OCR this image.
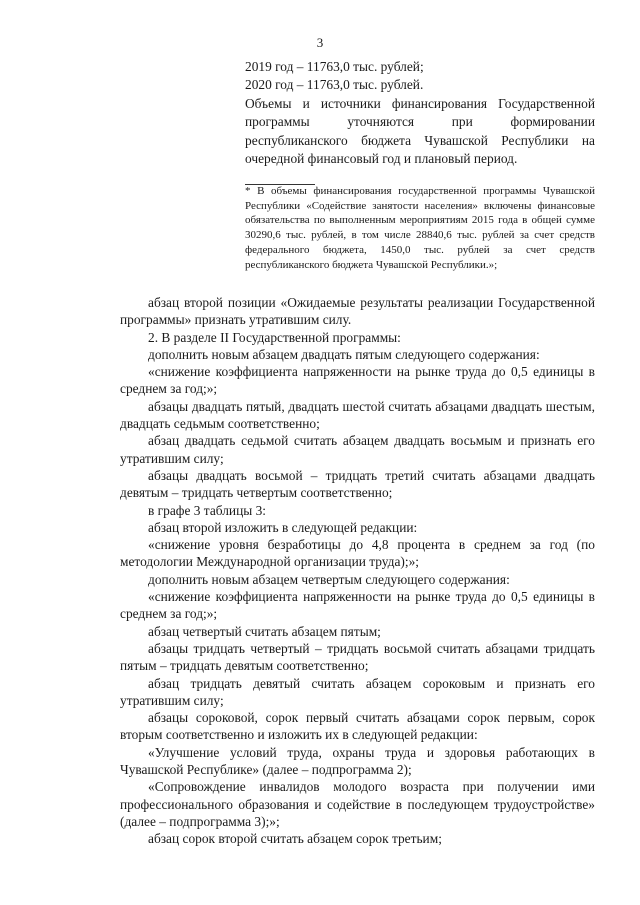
3

2019 год – 11763,0 тыс. рублей;

2020 год – 11763,0 тыс. рублей.

Объемы и источники финансирования Государственной программы уточняются при формировании республиканского бюджета Чувашской Республики на очередной финансовый год и плановый период.

* В объемы финансирования государственной программы Чувашской Республики «Содействие занятости населения» включены финансовые обязательства по выполненным мероприятиям 2015 года в общей сумме 30290,6 тыс. рублей, в том числе 28840,6 тыс. рублей за счет средств федерального бюджета, 1450,0 тыс. рублей за счет средств республиканского бюджета Чувашской Республики.»;

абзац второй позиции «Ожидаемые результаты реализации Государственной программы» признать утратившим силу.

2. В разделе II Государственной программы:

дополнить новым абзацем двадцать пятым следующего содержания:

«снижение коэффициента напряженности на рынке труда до 0,5 единицы в среднем за год;»;

абзацы двадцать пятый, двадцать шестой считать абзацами двадцать шестым, двадцать седьмым соответственно;

абзац двадцать седьмой считать абзацем двадцать восьмым и признать его утратившим силу;

абзацы двадцать восьмой – тридцать третий считать абзацами двадцать девятым – тридцать четвертым соответственно;

в графе 3 таблицы 3:

абзац второй изложить в следующей редакции:

«снижение уровня безработицы до 4,8 процента в среднем за год (по методологии Международной организации труда);»;

дополнить новым абзацем четвертым следующего содержания:

«снижение коэффициента напряженности на рынке труда до 0,5 единицы в среднем за год;»;

абзац четвертый считать абзацем пятым;

абзацы тридцать четвертый – тридцать восьмой считать абзацами тридцать пятым – тридцать девятым соответственно;

абзац тридцать девятый считать абзацем сороковым и признать его утратившим силу;

абзацы сороковой, сорок первый считать абзацами сорок первым, сорок вторым соответственно и изложить их в следующей редакции:

«Улучшение условий труда, охраны труда и здоровья работающих в Чувашской Республике» (далее – подпрограмма 2);

«Сопровождение инвалидов молодого возраста при получении ими профессионального образования и содействие в последующем трудоустройстве» (далее – подпрограмма 3);»;

абзац сорок второй считать абзацем сорок третьим;
